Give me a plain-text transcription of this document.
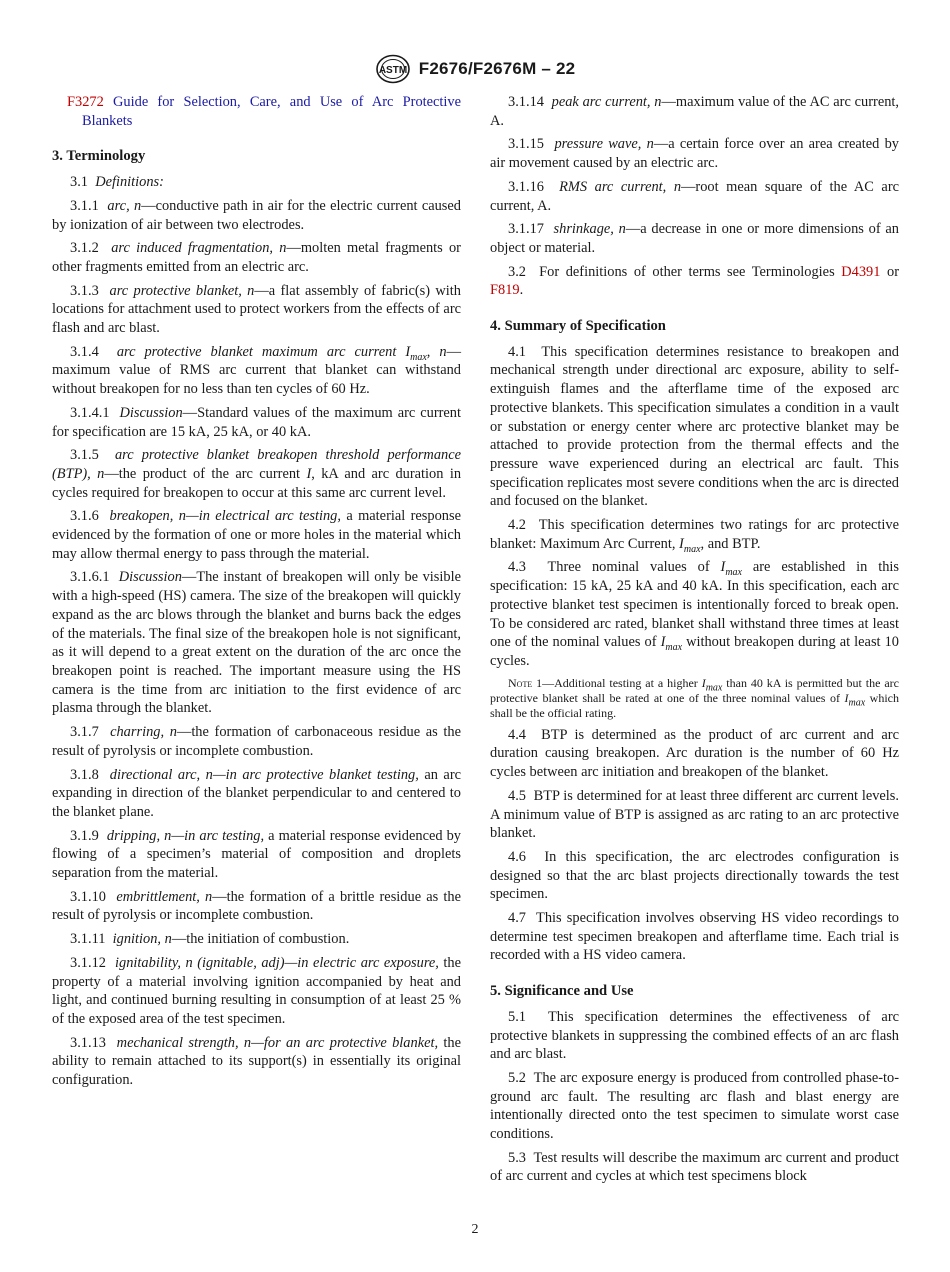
ASTM F2676/F2676M – 22

F3272 Guide for Selection, Care, and Use of Arc Protective Blankets

3. Terminology

3.1 Definitions:

3.1.1 arc, n—conductive path in air for the electric current caused by ionization of air between two electrodes.

3.1.2 arc induced fragmentation, n—molten metal fragments or other fragments emitted from an electric arc.

3.1.3 arc protective blanket, n—a flat assembly of fabric(s) with locations for attachment used to protect workers from the effects of arc flash and arc blast.

3.1.4 arc protective blanket maximum arc current $I_{max}$, n—maximum value of RMS arc current that blanket can withstand without breakopen for no less than ten cycles of 60 Hz.

3.1.4.1 Discussion—Standard values of the maximum arc current for specification are 15 kA, 25 kA, or 40 kA.

3.1.5 arc protective blanket breakopen threshold performance (BTP), n—the product of the arc current I, kA and arc duration in cycles required for breakopen to occur at this same arc current level.

3.1.6 breakopen, n—in electrical arc testing, a material response evidenced by the formation of one or more holes in the material which may allow thermal energy to pass through the material.

3.1.6.1 Discussion—The instant of breakopen will only be visible with a high-speed (HS) camera. The size of the breakopen will quickly expand as the arc blows through the blanket and burns back the edges of the materials. The final size of the breakopen hole is not significant, as it will depend to a great extent on the duration of the arc once the breakopen point is reached. The important measure using the HS camera is the time from arc initiation to the first evidence of arc plasma through the blanket.

3.1.7 charring, n—the formation of carbonaceous residue as the result of pyrolysis or incomplete combustion.

3.1.8 directional arc, n—in arc protective blanket testing, an arc expanding in direction of the blanket perpendicular to and centered to the blanket plane.

3.1.9 dripping, n—in arc testing, a material response evidenced by flowing of a specimen’s material of composition and droplets separation from the material.

3.1.10 embrittlement, n—the formation of a brittle residue as the result of pyrolysis or incomplete combustion.

3.1.11 ignition, n—the initiation of combustion.

3.1.12 ignitability, n (ignitable, adj)—in electric arc exposure, the property of a material involving ignition accompanied by heat and light, and continued burning resulting in consumption of at least 25 % of the exposed area of the test specimen.

3.1.13 mechanical strength, n—for an arc protective blanket, the ability to remain attached to its support(s) in essentially its original configuration.

3.1.14 peak arc current, n—maximum value of the AC arc current, A.

3.1.15 pressure wave, n—a certain force over an area created by air movement caused by an electric arc.

3.1.16 RMS arc current, n—root mean square of the AC arc current, A.

3.1.17 shrinkage, n—a decrease in one or more dimensions of an object or material.

3.2 For definitions of other terms see Terminologies D4391 or F819.

4. Summary of Specification

4.1 This specification determines resistance to breakopen and mechanical strength under directional arc exposure, ability to self-extinguish flames and the afterflame time of the exposed arc protective blankets. This specification simulates a condition in a vault or substation or energy center where arc protective blanket may be attached to provide protection from the thermal effects and the pressure wave experienced during an electrical arc fault. This specification replicates most severe conditions when the arc is directed and focused on the blanket.

4.2 This specification determines two ratings for arc protective blanket: Maximum Arc Current, $I_{max}$, and BTP.

4.3 Three nominal values of $I_{max}$ are established in this specification: 15 kA, 25 kA and 40 kA. In this specification, each arc protective blanket test specimen is intentionally forced to break open. To be considered arc rated, blanket shall withstand three times at least one of the nominal values of $I_{max}$ without breakopen during at least 10 cycles.

Note 1—Additional testing at a higher $I_{max}$ than 40 kA is permitted but the arc protective blanket shall be rated at one of the three nominal values of $I_{max}$ which shall be the official rating.

4.4 BTP is determined as the product of arc current and arc duration causing breakopen. Arc duration is the number of 60 Hz cycles between arc initiation and breakopen of the blanket.

4.5 BTP is determined for at least three different arc current levels. A minimum value of BTP is assigned as arc rating to an arc protective blanket.

4.6 In this specification, the arc electrodes configuration is designed so that the arc blast projects directionally towards the test specimen.

4.7 This specification involves observing HS video recordings to determine test specimen breakopen and afterflame time. Each trial is recorded with a HS video camera.

5. Significance and Use

5.1 This specification determines the effectiveness of arc protective blankets in suppressing the combined effects of an arc flash and arc blast.

5.2 The arc exposure energy is produced from controlled phase-to-ground arc fault. The resulting arc flash and blast energy are intentionally directed onto the test specimen to simulate worst case conditions.

5.3 Test results will describe the maximum arc current and product of arc current and cycles at which test specimens block

2
